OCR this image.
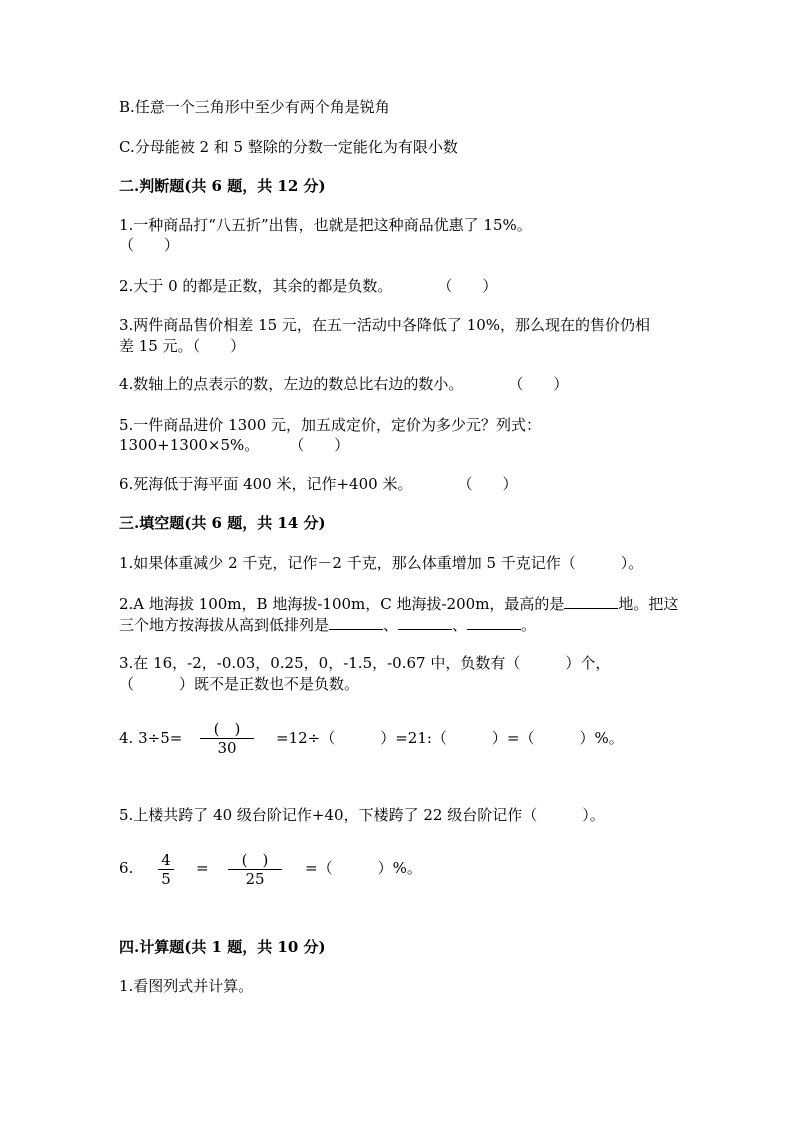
B.任意一个三角形中至少有两个角是锐角
C.分母能被 2 和 5 整除的分数一定能化为有限小数
二.判断题(共 6 题，共 12 分)
1.一种商品打“八五折”出售，也就是把这种商品优惠了 15%。
（　　）
2.大于 0 的都是正数，其余的都是负数。　　　　（　　）
3.两件商品售价相差 15 元，在五一活动中各降低了 10%，那么现在的售价仍相
差 15 元。（　　）
4.数轴上的点表示的数，左边的数总比右边的数小。　　　　（　　）
5.一件商品进价 1300 元，加五成定价，定价为多少元？列式：
1300+1300×5%。　　　（　　）
6.死海低于海平面 400 米，记作+400 米。　　　　（　　）
三.填空题(共 6 题，共 14 分)
1.如果体重减少 2 千克，记作－2 千克，那么体重增加 5 千克记作（　　　）。
2.A 地海拔 100m，B 地海拔-100m，C 地海拔-200m，最高的是	地。把这
三个地方按海拔从高到低排列是	、	、	。
3.在 16，-2，-0.03，0.25，0，-1.5，-0.67 中，负数有（　　　）个，
（　　　）既不是正数也不是负数。
4. 3÷5=	(　)
30
=12÷（　　　）=21:（　　　）=（　　　）%。
5.上楼共跨了 40 级台阶记作+40，下楼跨了 22 级台阶记作（　　　）。
6. $\frac{4}{5}$ =	(　)
25
=（　　　）%。
四.计算题(共 1 题，共 10 分)
1.看图列式并计算。
